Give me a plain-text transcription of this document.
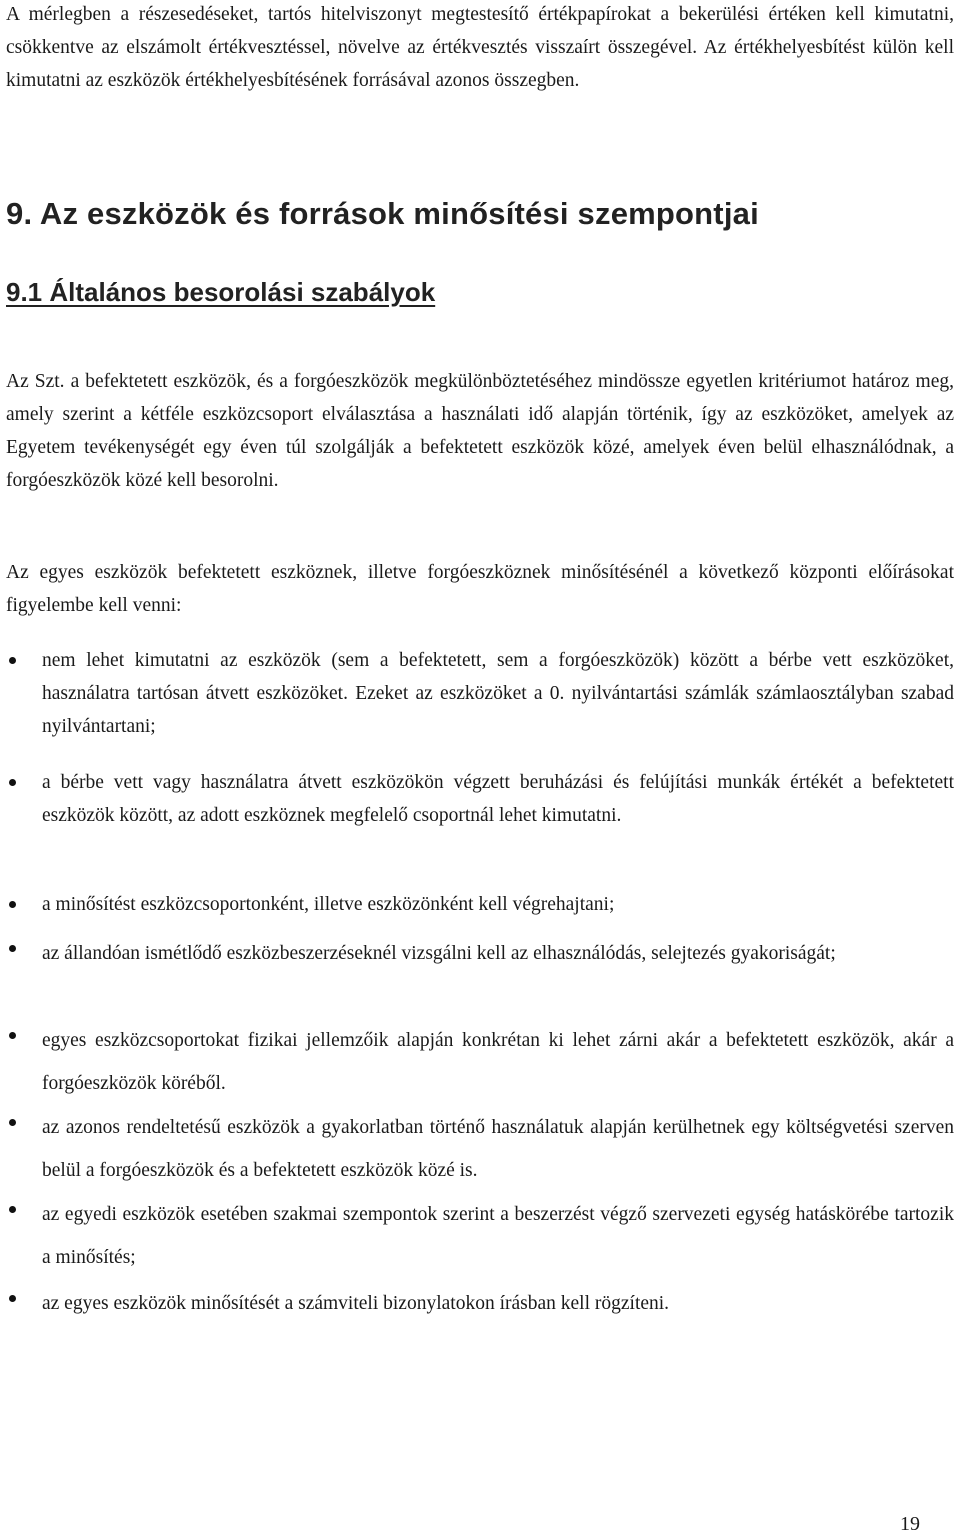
A mérlegben a részesedéseket, tartós hitelviszonyt megtestesítő értékpapírokat a bekerülési értéken kell kimutatni, csökkentve az elszámolt értékvesztéssel, növelve az értékvesztés visszaírt összegével. Az értékhelyesbítést külön kell kimutatni az eszközök értékhelyesbítésének forrásával azonos összegben.

9. Az eszközök és források minősítési szempontjai
9.1 Általános besorolási szabályok

Az Szt. a befektetett eszközök, és a forgóeszközök megkülönböztetéséhez mindössze egyetlen kritériumot határoz meg, amely szerint a kétféle eszközcsoport elválasztása a használati idő alapján történik, így az eszközöket, amelyek az Egyetem tevékenységét egy éven túl szolgálják a befektetett eszközök közé, amelyek éven belül elhasználódnak, a forgóeszközök közé kell besorolni.

Az egyes eszközök befektetett eszköznek, illetve forgóeszköznek minősítésénél a következő központi előírásokat figyelembe kell venni:

nem lehet kimutatni az eszközök (sem a befektetett, sem a forgóeszközök) között a bérbe vett eszközöket, használatra tartósan átvett eszközöket. Ezeket az eszközöket a 0. nyilvántartási számlák számlaosztályban szabad nyilvántartani;

a bérbe vett vagy használatra átvett eszközökön végzett beruházási és felújítási munkák értékét a befektetett eszközök között, az adott eszköznek megfelelő csoportnál lehet kimutatni.

a minősítést eszközcsoportonként, illetve eszközönként kell végrehajtani;

az állandóan ismétlődő eszközbeszerzéseknél vizsgálni kell az elhasználódás, selejtezés gyakoriságát;

egyes eszközcsoportokat fizikai jellemzőik alapján konkrétan ki lehet zárni akár a befektetett eszközök, akár a forgóeszközök köréből.

az azonos rendeltetésű eszközök a gyakorlatban történő használatuk alapján kerülhetnek egy költségvetési szerven belül a forgóeszközök és a befektetett eszközök közé is.

az egyedi eszközök esetében szakmai szempontok szerint a beszerzést végző szervezeti egység hatáskörébe tartozik a minősítés;

az egyes eszközök minősítését a számviteli bizonylatokon írásban kell rögzíteni.

19
